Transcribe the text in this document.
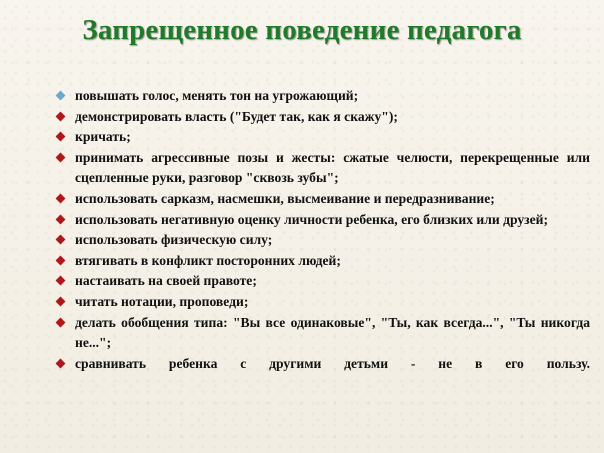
Запрещенное поведение педагога
повышать голос, менять тон на угрожающий;
демонстрировать власть ("Будет так, как я скажу");
кричать;
принимать агрессивные позы и жесты: сжатые челюсти, перекрещенные или сцепленные руки, разговор "сквозь зубы";
использовать сарказм, насмешки, высмеивание и передразнивание;
использовать негативную оценку личности ребенка, его близких или друзей;
использовать физическую силу;
втягивать в конфликт посторонних людей;
настаивать на своей правоте;
читать нотации, проповеди;
делать обобщения типа: "Вы все одинаковые", "Ты, как всегда...", "Ты никогда не...";
сравнивать ребенка с другими детьми - не в его пользу.
